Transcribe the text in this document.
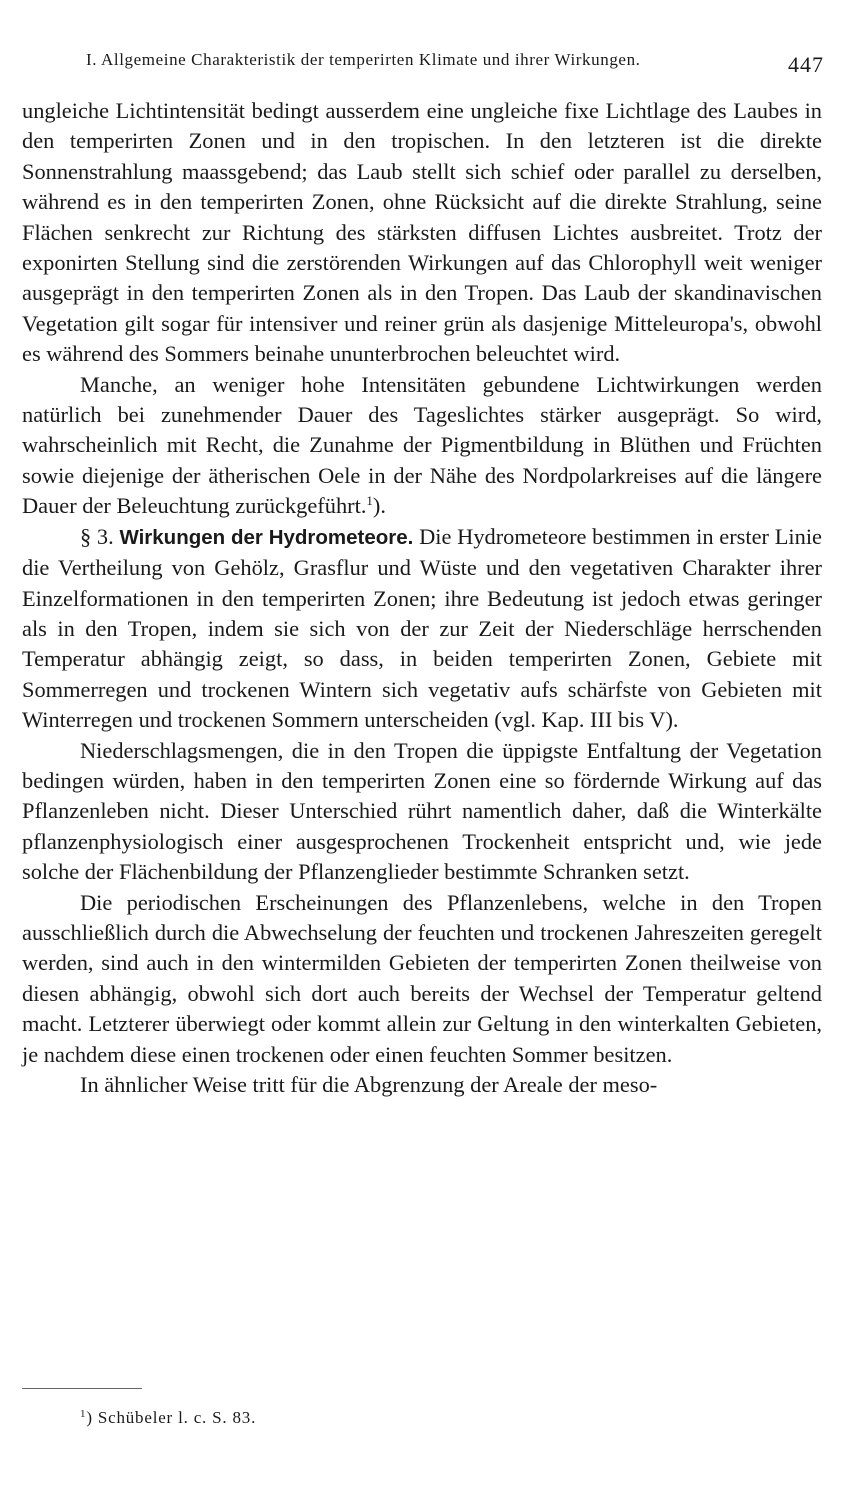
I. Allgemeine Charakteristik der temperirten Klimate und ihrer Wirkungen.	447

ungleiche Lichtintensität bedingt ausserdem eine ungleiche fixe Lichtlage des Laubes in den temperirten Zonen und in den tropischen. In den letzteren ist die direkte Sonnenstrahlung maassgebend; das Laub stellt sich schief oder parallel zu derselben, während es in den temperirten Zonen, ohne Rücksicht auf die direkte Strahlung, seine Flächen senkrecht zur Richtung des stärksten diffusen Lichtes ausbreitet. Trotz der exponirten Stellung sind die zerstörenden Wirkungen auf das Chlorophyll weit weniger ausgeprägt in den temperirten Zonen als in den Tropen. Das Laub der skandinavischen Vegetation gilt sogar für intensiver und reiner grün als dasjenige Mitteleuropa's, obwohl es während des Sommers beinahe ununterbrochen beleuchtet wird.

Manche, an weniger hohe Intensitäten gebundene Lichtwirkungen werden natürlich bei zunehmender Dauer des Tageslichtes stärker ausgeprägt. So wird, wahrscheinlich mit Recht, die Zunahme der Pigmentbildung in Blüthen und Früchten sowie diejenige der ätherischen Oele in der Nähe des Nordpolarkreises auf die längere Dauer der Beleuchtung zurückgeführt.$^1$).

§ 3. Wirkungen der Hydrometeore. Die Hydrometeore bestimmen in erster Linie die Vertheilung von Gehölz, Grasflur und Wüste und den vegetativen Charakter ihrer Einzelformationen in den temperirten Zonen; ihre Bedeutung ist jedoch etwas geringer als in den Tropen, indem sie sich von der zur Zeit der Niederschläge herrschenden Temperatur abhängig zeigt, so dass, in beiden temperirten Zonen, Gebiete mit Sommerregen und trockenen Wintern sich vegetativ aufs schärfste von Gebieten mit Winterregen und trockenen Sommern unterscheiden (vgl. Kap. III bis V).

Niederschlagsmengen, die in den Tropen die üppigste Entfaltung der Vegetation bedingen würden, haben in den temperirten Zonen eine so fördernde Wirkung auf das Pflanzenleben nicht. Dieser Unterschied rührt namentlich daher, daß die Winterkälte pflanzenphysiologisch einer ausgesprochenen Trockenheit entspricht und, wie jede solche der Flächenbildung der Pflanzenglieder bestimmte Schranken setzt.

Die periodischen Erscheinungen des Pflanzenlebens, welche in den Tropen ausschließlich durch die Abwechselung der feuchten und trockenen Jahreszeiten geregelt werden, sind auch in den wintermilden Gebieten der temperirten Zonen theilweise von diesen abhängig, obwohl sich dort auch bereits der Wechsel der Temperatur geltend macht. Letzterer überwiegt oder kommt allein zur Geltung in den winterkalten Gebieten, je nachdem diese einen trockenen oder einen feuchten Sommer besitzen.

In ähnlicher Weise tritt für die Abgrenzung der Areale der meso-

$^1$) Schübeler l. c. S. 83.
